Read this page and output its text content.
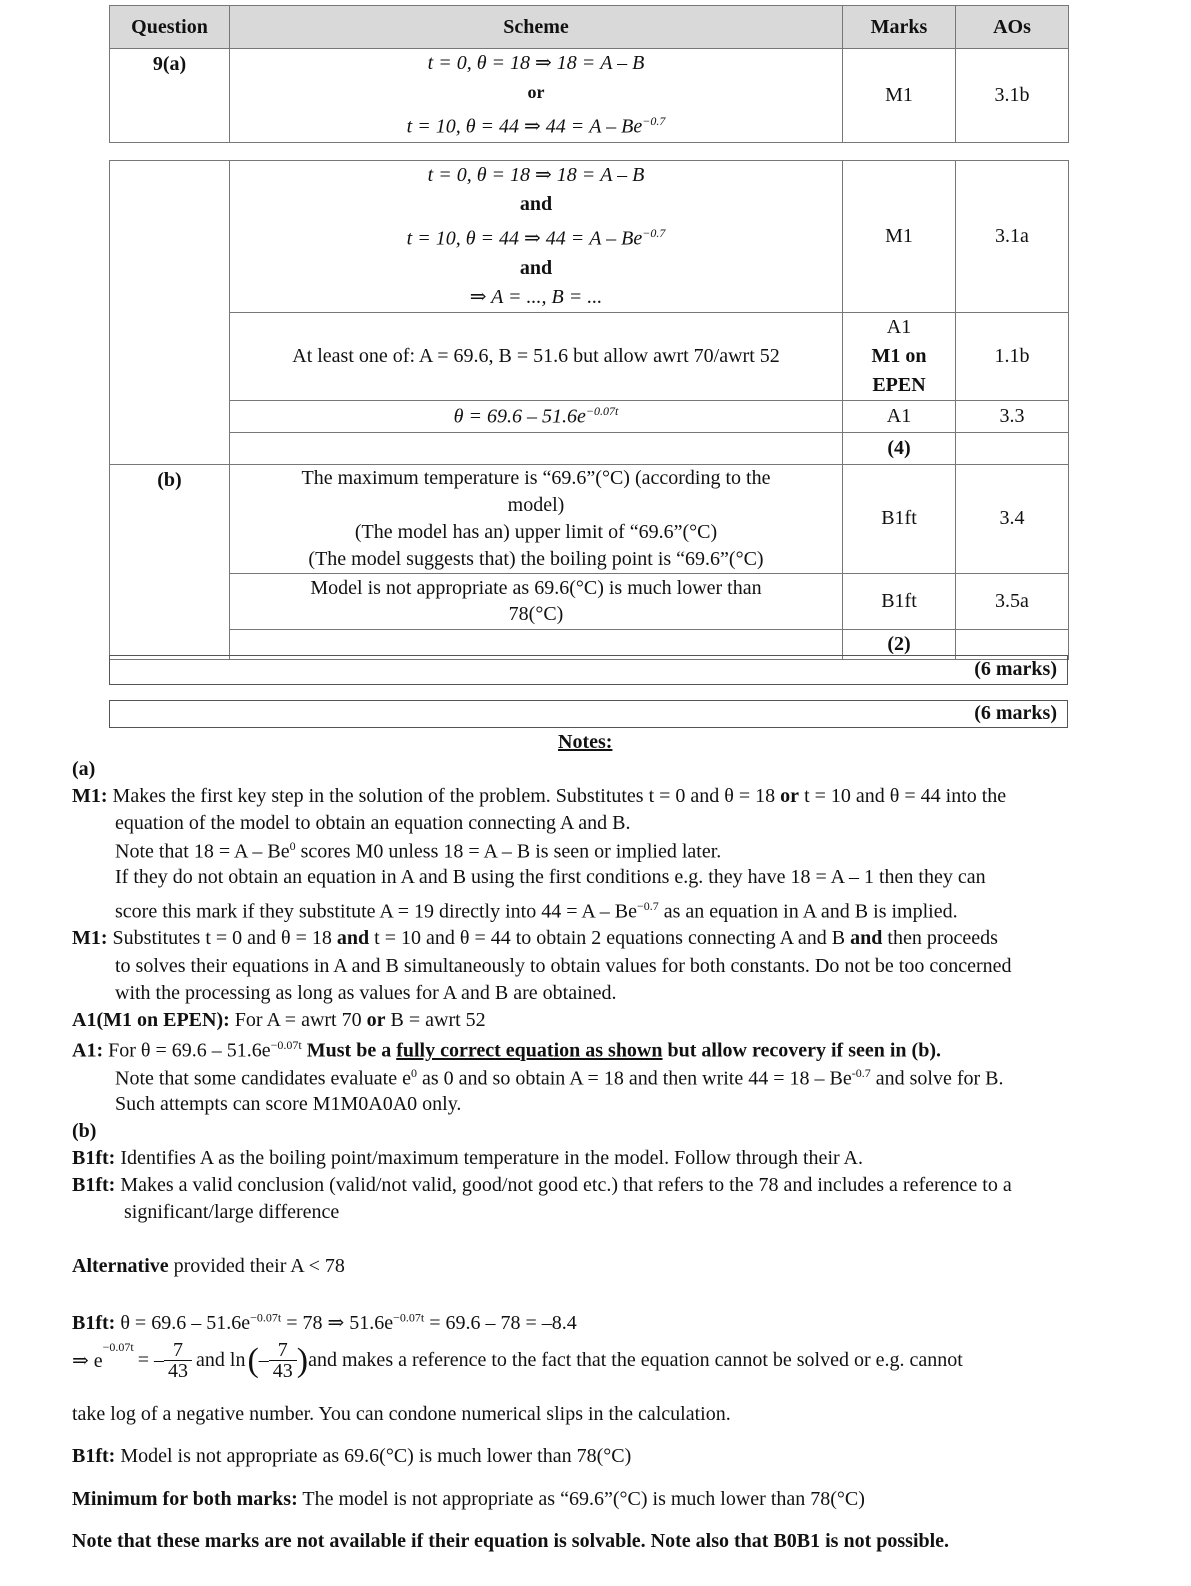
Question	Scheme	Marks	AOs
9(a)	t = 0, θ = 18 ⇒ 18 = A – B
or
t = 10, θ = 44 ⇒ $44 = A - Be^{-0.7}$	M1	3.1b

	t = 0, θ = 18 ⇒ 18 = A – B
and
t = 10, θ = 44 ⇒ $44 = A - Be^{-0.7}$
and
⇒ A = ..., B = ...	M1	3.1a
	At least one of: A = 69.6, B = 51.6 but allow awrt 70/awrt 52	A1
M1 on
EPEN	1.1b
	$\theta = 69.6 - 51.6e^{-0.07t}$	A1	3.3
		(4)	
(b)	The maximum temperature is “69.6”(°C) (according to the
model)
(The model has an) upper limit of “69.6”(°C)
(The model suggests that) the boiling point is “69.6”(°C)	B1ft	3.4

	Model is not appropriate as 69.6(°C) is much lower than
78(°C)	B1ft	3.5a
		(2)	
(6 marks)
(6 marks)
Notes:
(a)
M1: Makes the first key step in the solution of the problem. Substitutes t = 0 and θ = 18 or t = 10 and θ = 44 into the
equation of the model to obtain an equation connecting A and B.
Note that 18 = A – Be$^0$ scores M0 unless 18 = A – B is seen or implied later.
If they do not obtain an equation in A and B using the first conditions e.g. they have 18 = A – 1 then they can
score this mark if they substitute A = 19 directly into $44 = A - Be^{-0.7}$ as an equation in A and B is implied.
M1: Substitutes t = 0 and θ = 18 and t = 10 and θ = 44 to obtain 2 equations connecting A and B and then proceeds
to solves their equations in A and B simultaneously to obtain values for both constants. Do not be too concerned
with the processing as long as values for A and B are obtained.
A1(M1 on EPEN): For A = awrt 70 or B = awrt 52
A1: For $\theta = 69.6 - 51.6e^{-0.07t}$ Must be a fully correct equation as shown but allow recovery if seen in (b).
Note that some candidates evaluate $e^0$ as 0 and so obtain A = 18 and then write $44 = 18 - Be^{-0.7}$ and solve for B.
Such attempts can score M1M0A0A0 only.
(b)
B1ft: Identifies A as the boiling point/maximum temperature in the model. Follow through their A.
B1ft: Makes a valid conclusion (valid/not valid, good/not good etc.) that refers to the 78 and includes a reference to a
significant/large difference
Alternative provided their A < 78
B1ft: $\theta = 69.6 - 51.6e^{-0.07t} = 78$ ⇒ $51.6e^{-0.07t} = 69.6 - 78 = -8.4$
⇒ e
$^{-0.07t}$
= – $\frac{7}{43}$ and ln ( – $\frac{7}{43}$ ) and makes a reference to the fact that the equation cannot be solved or e.g. cannot
take log of a negative number. You can condone numerical slips in the calculation.
B1ft: Model is not appropriate as 69.6(°C) is much lower than 78(°C)
Minimum for both marks: The model is not appropriate as “69.6”(°C) is much lower than 78(°C)
Note that these marks are not available if their equation is solvable. Note also that B0B1 is not possible.
